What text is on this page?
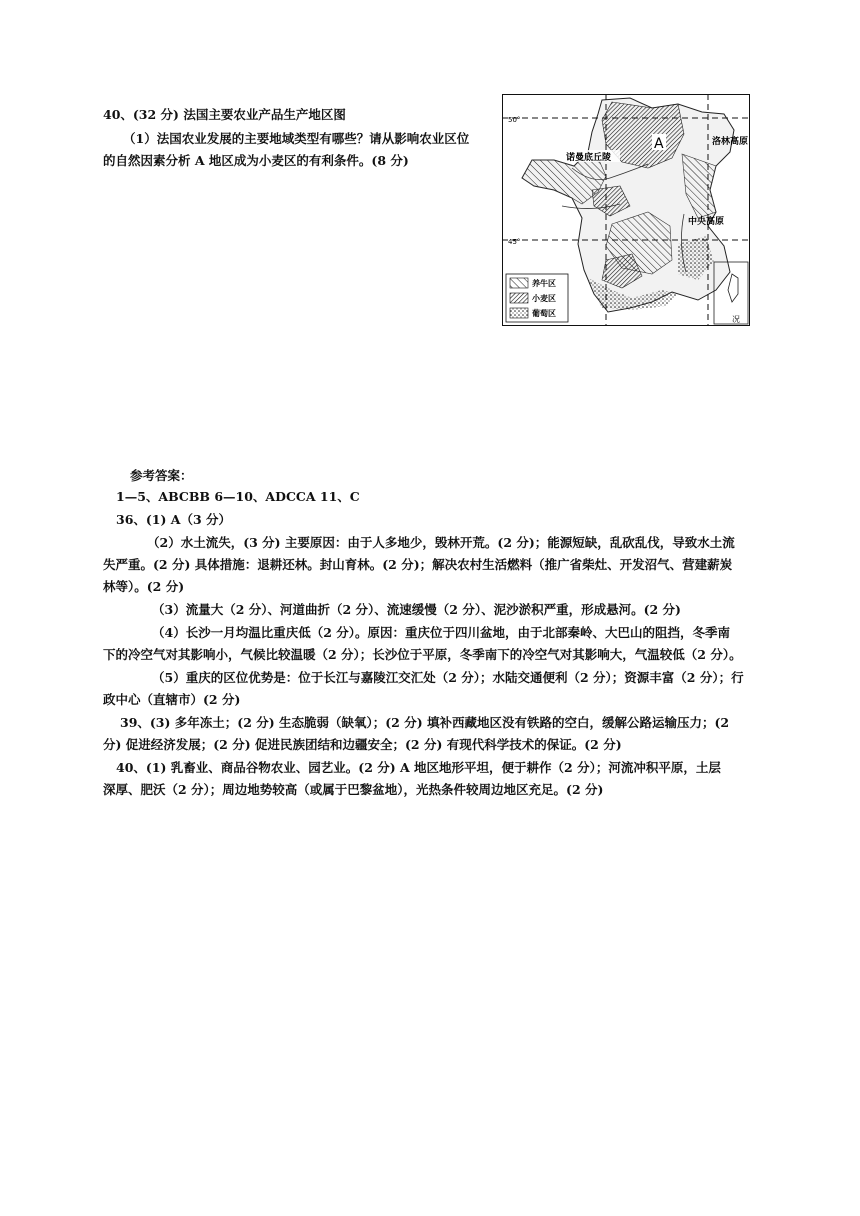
40、(32 分) 法国主要农业产品生产地区图
（1）法国农业发展的主要地域类型有哪些？请从影响农业区位
的自然因素分析 A 地区成为小麦区的有利条件。(8 分)
50°
45°
A
诺曼底丘陵
洛林高原
中央高原
况
养牛区
小麦区
葡萄区
参考答案：
1—5、ABCBB 6—10、ADCCA 11、C
36、(1) A（3 分）
（2）水土流失，(3 分) 主要原因：由于人多地少，毁林开荒。(2 分)；能源短缺，乱砍乱伐，导致水土流
失严重。(2 分) 具体措施：退耕还林。封山育林。(2 分)；解决农村生活燃料（推广省柴灶、开发沼气、营建薪炭
林等）。(2 分)
（3）流量大（2 分）、河道曲折（2 分）、流速缓慢（2 分）、泥沙淤积严重，形成悬河。(2 分)
（4）长沙一月均温比重庆低（2 分）。原因：重庆位于四川盆地，由于北部秦岭、大巴山的阻挡，冬季南
下的冷空气对其影响小，气候比较温暖（2 分）；长沙位于平原，冬季南下的冷空气对其影响大，气温较低（2 分）。
（5）重庆的区位优势是：位于长江与嘉陵江交汇处（2 分）；水陆交通便利（2 分）；资源丰富（2 分）；行
政中心（直辖市）(2 分)
39、(3) 多年冻土；(2 分) 生态脆弱（缺氧）；(2 分) 填补西藏地区没有铁路的空白，缓解公路运输压力；(2
分) 促进经济发展；(2 分) 促进民族团结和边疆安全；(2 分) 有现代科学技术的保证。(2 分)
40、(1) 乳畜业、商品谷物农业、园艺业。(2 分) A 地区地形平坦，便于耕作（2 分）；河流冲积平原，土层
深厚、肥沃（2 分）；周边地势较高（或属于巴黎盆地），光热条件较周边地区充足。(2 分)
